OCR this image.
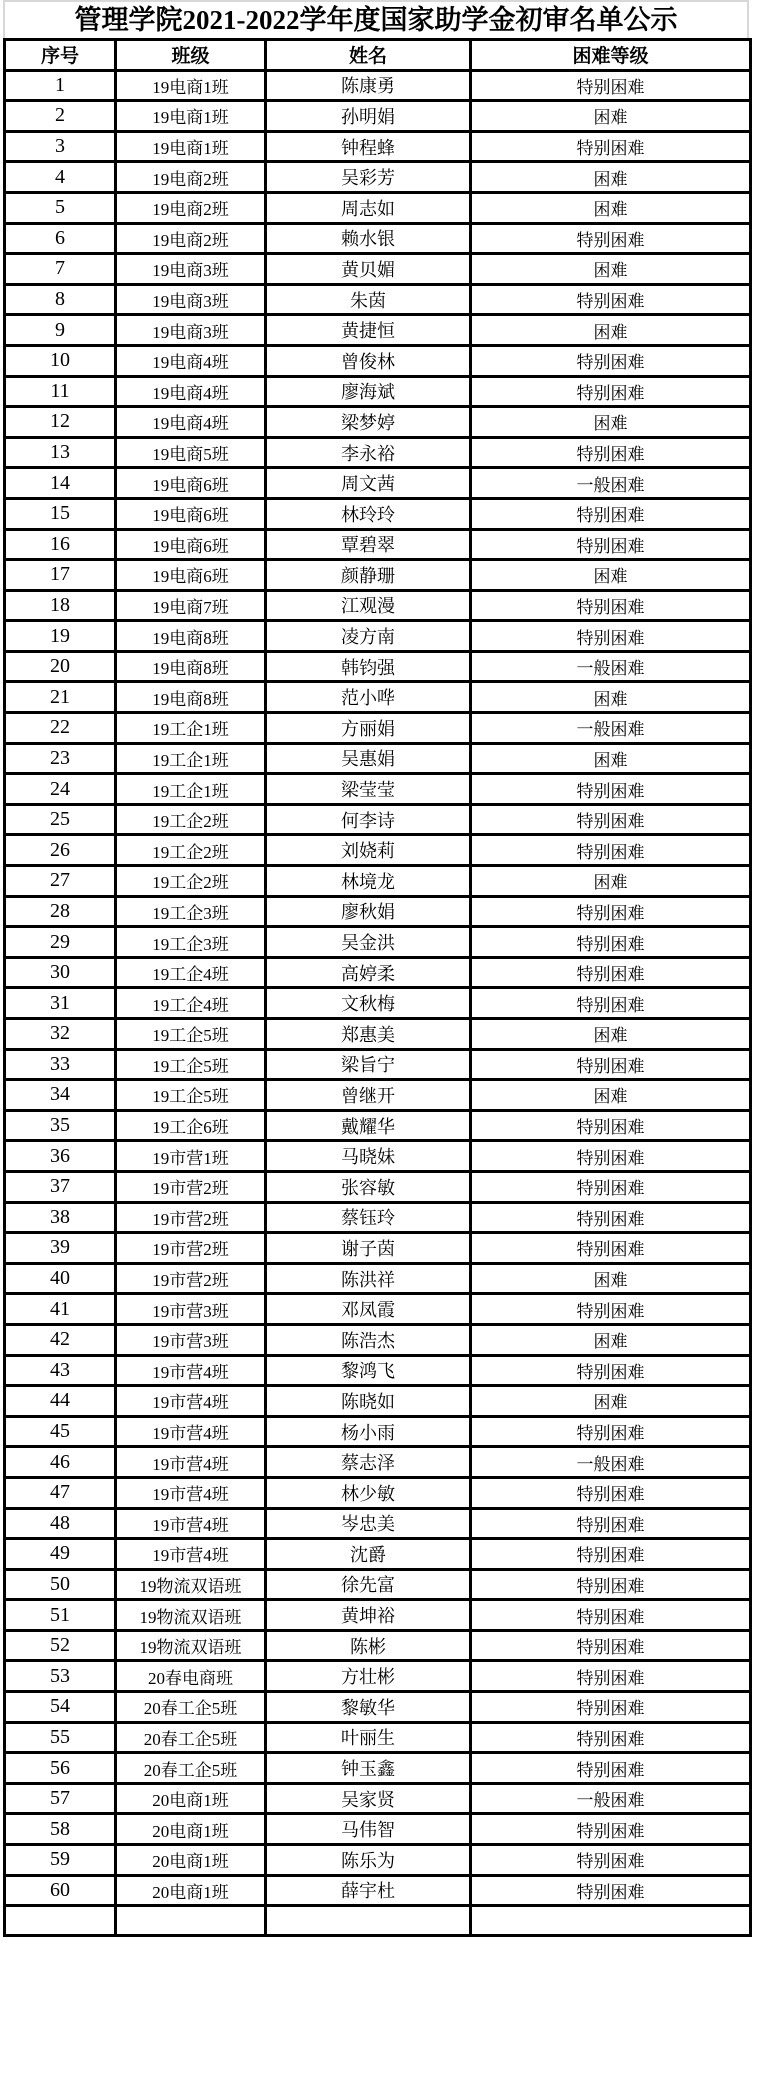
管理学院2021-2022学年度国家助学金初审名单公示
序号	班级	姓名	困难等级
1	19电商1班	陈康勇	特别困难
2	19电商1班	孙明娟	困难
3	19电商1班	钟程蜂	特别困难
4	19电商2班	吴彩芳	困难
5	19电商2班	周志如	困难
6	19电商2班	赖水银	特别困难
7	19电商3班	黄贝媚	困难
8	19电商3班	朱茵	特别困难
9	19电商3班	黄捷恒	困难
10	19电商4班	曾俊林	特别困难
11	19电商4班	廖海斌	特别困难
12	19电商4班	梁梦婷	困难
13	19电商5班	李永裕	特别困难
14	19电商6班	周文茜	一般困难
15	19电商6班	林玲玲	特别困难
16	19电商6班	覃碧翠	特别困难
17	19电商6班	颜静珊	困难
18	19电商7班	江观漫	特别困难
19	19电商8班	凌方南	特别困难
20	19电商8班	韩钧强	一般困难
21	19电商8班	范小哗	困难
22	19工企1班	方丽娟	一般困难
23	19工企1班	吴惠娟	困难
24	19工企1班	梁莹莹	特别困难
25	19工企2班	何李诗	特别困难
26	19工企2班	刘娆莉	特别困难
27	19工企2班	林境龙	困难
28	19工企3班	廖秋娟	特别困难
29	19工企3班	吴金洪	特别困难
30	19工企4班	高婷柔	特别困难
31	19工企4班	文秋梅	特别困难
32	19工企5班	郑惠美	困难
33	19工企5班	梁旨宁	特别困难
34	19工企5班	曾继开	困难
35	19工企6班	戴耀华	特别困难
36	19市营1班	马晓妹	特别困难
37	19市营2班	张容敏	特别困难
38	19市营2班	蔡钰玲	特别困难
39	19市营2班	谢子茵	特别困难
40	19市营2班	陈洪祥	困难
41	19市营3班	邓凤霞	特别困难
42	19市营3班	陈浩杰	困难
43	19市营4班	黎鸿飞	特别困难
44	19市营4班	陈晓如	困难
45	19市营4班	杨小雨	特别困难
46	19市营4班	蔡志泽	一般困难
47	19市营4班	林少敏	特别困难
48	19市营4班	岑忠美	特别困难
49	19市营4班	沈爵	特别困难
50	19物流双语班	徐先富	特别困难
51	19物流双语班	黄坤裕	特别困难
52	19物流双语班	陈彬	特别困难
53	20春电商班	方壮彬	特别困难
54	20春工企5班	黎敏华	特别困难
55	20春工企5班	叶丽生	特别困难
56	20春工企5班	钟玉鑫	特别困难
57	20电商1班	吴家贤	一般困难
58	20电商1班	马伟智	特别困难
59	20电商1班	陈乐为	特别困难
60	20电商1班	薛宇杜	特别困难
